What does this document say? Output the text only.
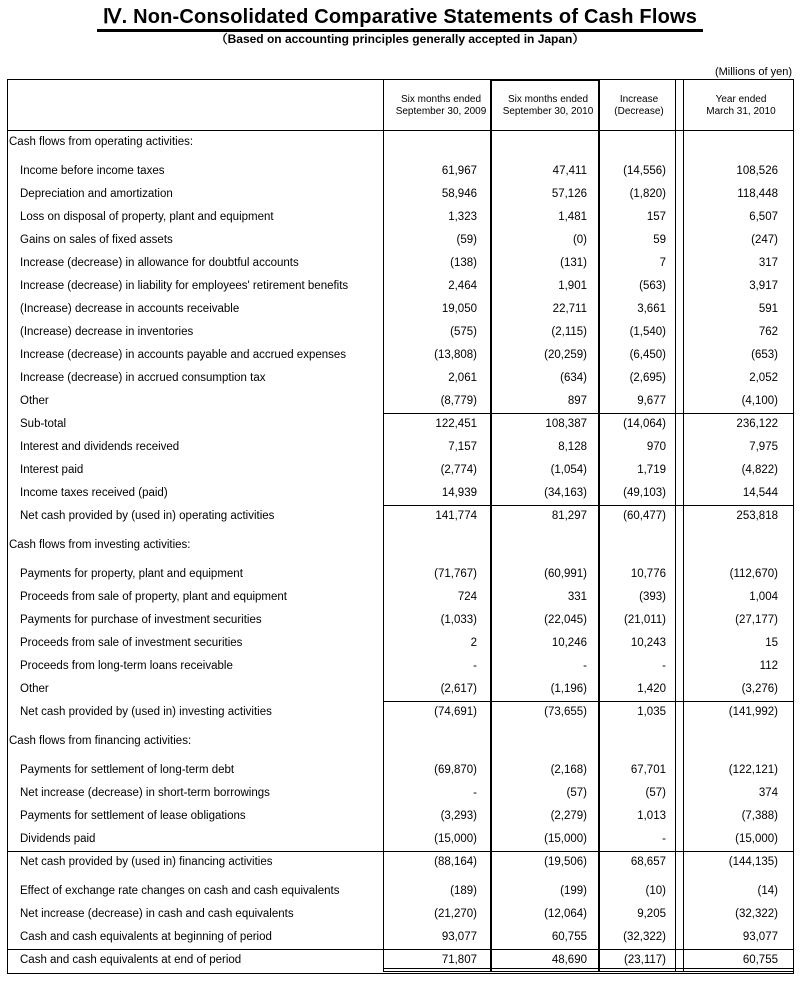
Ⅳ. Non-Consolidated Comparative Statements of Cash Flows
（Based on accounting principles generally accepted in Japan）
(Millions of yen)
Six months ended
September 30, 2009
Six months ended
September 30, 2010
Increase
(Decrease)
Year ended
March 31, 2010
Cash flows from operating activities:
Income before income taxes	61,967	47,411	(14,556)	108,526
Depreciation and amortization	58,946	57,126	(1,820)	118,448
Loss on disposal of property, plant and equipment	1,323	1,481	157	6,507
Gains on sales of fixed assets	(59)	(0)	59	(247)
Increase (decrease) in allowance for doubtful accounts	(138)	(131)	7	317
Increase (decrease) in liability for employees' retirement benefits	2,464	1,901	(563)	3,917
(Increase) decrease in accounts receivable	19,050	22,711	3,661	591
(Increase) decrease in inventories	(575)	(2,115)	(1,540)	762
Increase (decrease) in accounts payable and accrued expenses	(13,808)	(20,259)	(6,450)	(653)
Increase (decrease) in accrued consumption tax	2,061	(634)	(2,695)	2,052
Other	(8,779)	897	9,677	(4,100)
Sub-total	122,451	108,387	(14,064)	236,122
Interest and dividends received	7,157	8,128	970	7,975
Interest paid	(2,774)	(1,054)	1,719	(4,822)
Income taxes received (paid)	14,939	(34,163)	(49,103)	14,544
Net cash provided by (used in) operating activities	141,774	81,297	(60,477)	253,818
Cash flows from investing activities:
Payments for property, plant and equipment	(71,767)	(60,991)	10,776	(112,670)
Proceeds from sale of property, plant and equipment	724	331	(393)	1,004
Payments for purchase of investment securities	(1,033)	(22,045)	(21,011)	(27,177)
Proceeds from sale of investment securities	2	10,246	10,243	15
Proceeds from long-term loans receivable	-	-	-	112
Other	(2,617)	(1,196)	1,420	(3,276)
Net cash provided by (used in) investing activities	(74,691)	(73,655)	1,035	(141,992)
Cash flows from financing activities:
Payments for settlement of long-term debt	(69,870)	(2,168)	67,701	(122,121)
Net increase (decrease) in short-term borrowings	-	(57)	(57)	374
Payments for settlement of lease obligations	(3,293)	(2,279)	1,013	(7,388)
Dividends paid	(15,000)	(15,000)	-	(15,000)
Net cash provided by (used in) financing activities	(88,164)	(19,506)	68,657	(144,135)
Effect of exchange rate changes on cash and cash equivalents	(189)	(199)	(10)	(14)
Net increase (decrease) in cash and cash equivalents	(21,270)	(12,064)	9,205	(32,322)
Cash and cash equivalents at beginning of period	93,077	60,755	(32,322)	93,077
Cash and cash equivalents at end of period	71,807	48,690	(23,117)	60,755
